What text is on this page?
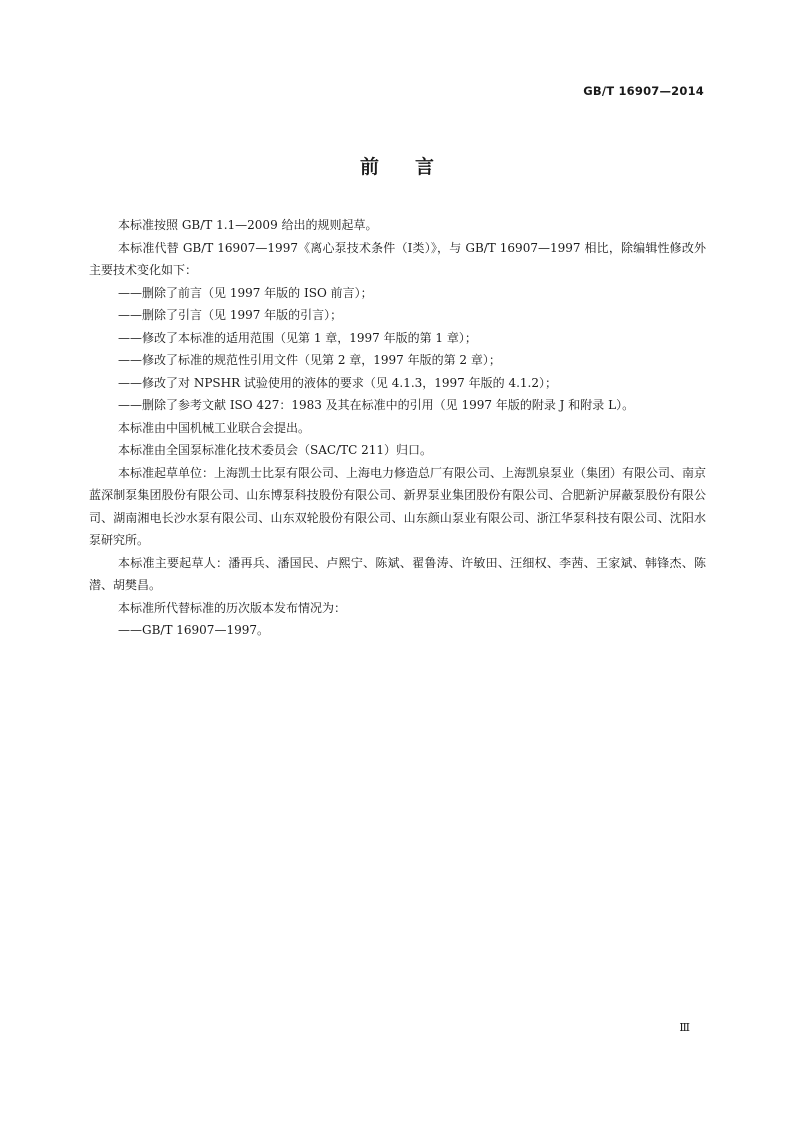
GB/T 16907—2014
前言

本标准按照 GB/T 1.1—2009 给出的规则起草。

本标准代替 GB/T 16907—1997《离心泵技术条件（Ⅰ类）》，与 GB/T 16907—1997 相比，除编辑性修改外主要技术变化如下：

——删除了前言（见 1997 年版的 ISO 前言）；

——删除了引言（见 1997 年版的引言）；

——修改了本标准的适用范围（见第 1 章，1997 年版的第 1 章）；

——修改了标准的规范性引用文件（见第 2 章，1997 年版的第 2 章）；

——修改了对 NPSHR 试验使用的液体的要求（见 4.1.3，1997 年版的 4.1.2）；

——删除了参考文献 ISO 427：1983 及其在标准中的引用（见 1997 年版的附录 J 和附录 L）。

本标准由中国机械工业联合会提出。

本标准由全国泵标准化技术委员会（SAC/TC 211）归口。

本标准起草单位：上海凯士比泵有限公司、上海电力修造总厂有限公司、上海凯泉泵业（集团）有限公司、南京蓝深制泵集团股份有限公司、山东博泵科技股份有限公司、新界泵业集团股份有限公司、合肥新沪屏蔽泵股份有限公司、湖南湘电长沙水泵有限公司、山东双轮股份有限公司、山东颜山泵业有限公司、浙江华泵科技有限公司、沈阳水泵研究所。

本标准主要起草人：潘再兵、潘国民、卢熙宁、陈斌、翟鲁涛、许敏田、汪细权、李茜、王家斌、韩锋杰、陈潜、胡樊昌。

本标准所代替标准的历次版本发布情况为：

——GB/T 16907—1997。

Ⅲ
